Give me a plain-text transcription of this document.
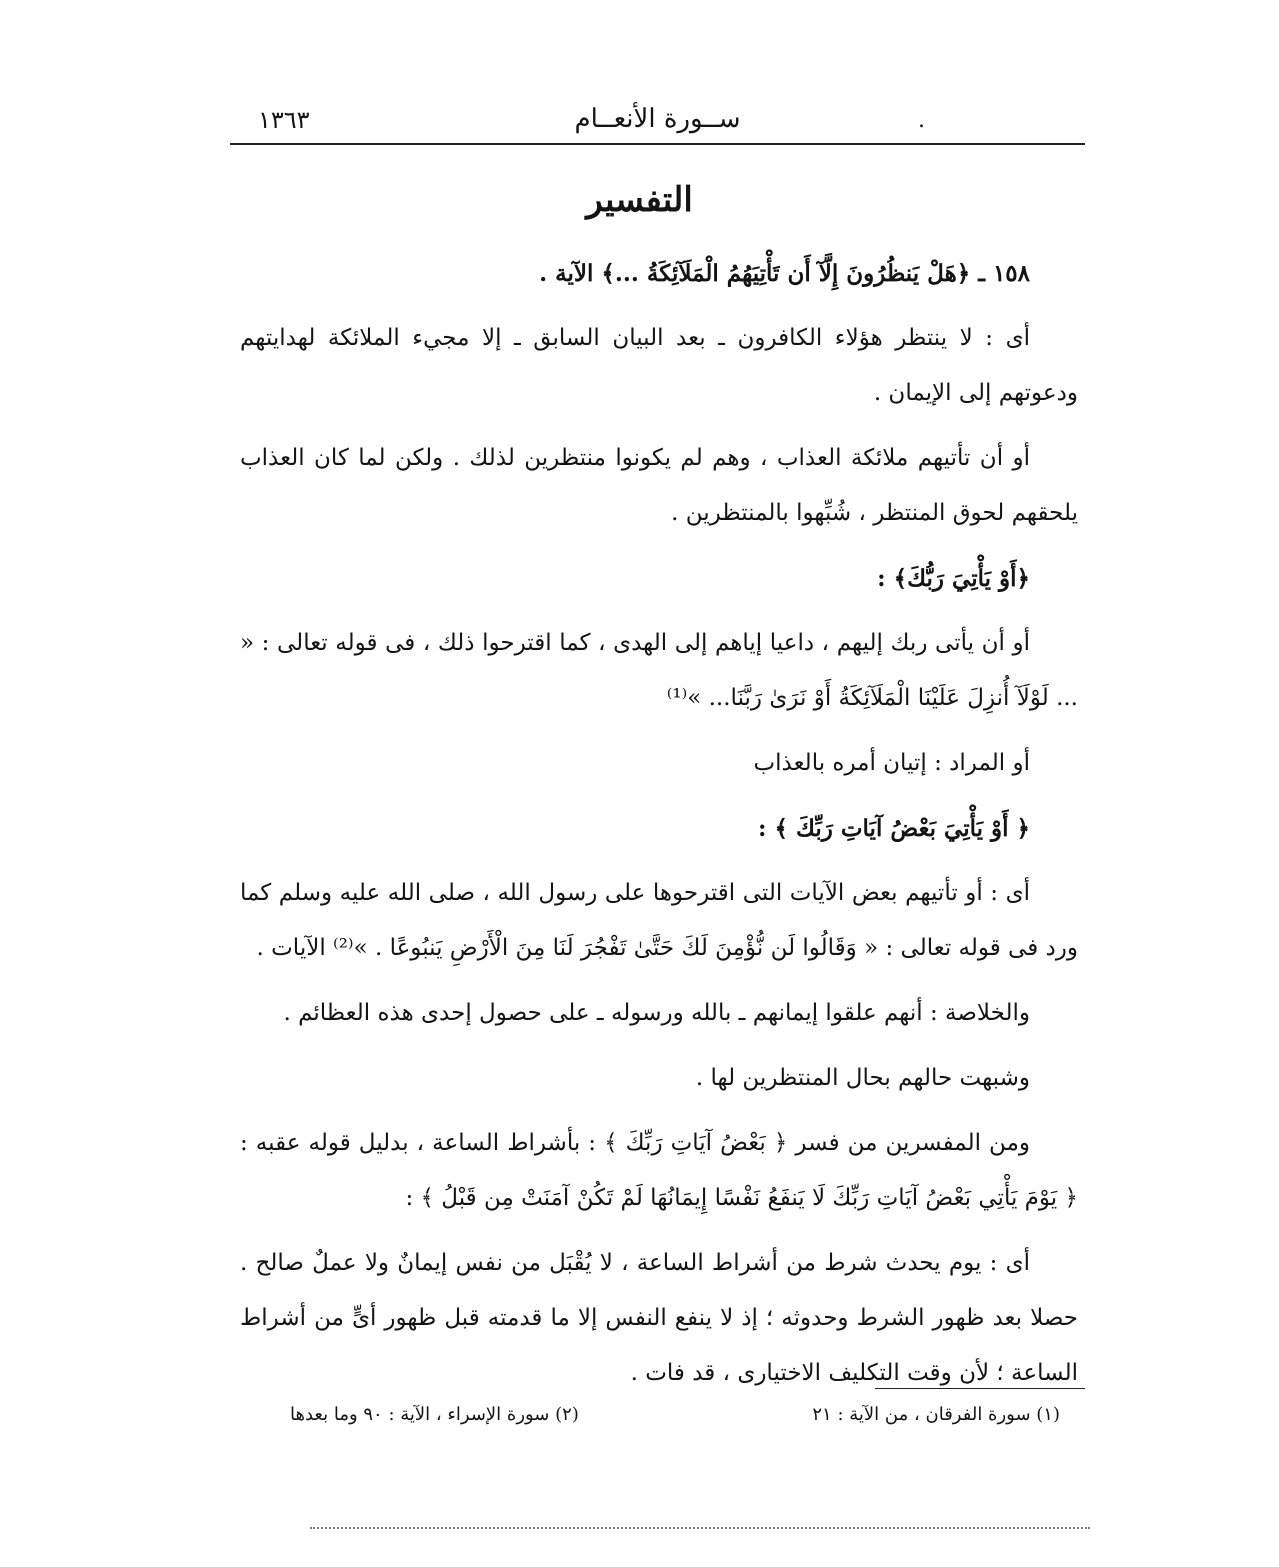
١٣٦٣	ســورة الأنعــام	.
التفسير

١٥٨ ـ ﴿هَلْ يَنظُرُونَ إِلَّآ أَن تَأْتِيَهُمُ الْمَلَآئِكَةُ ...﴾ الآية .

أى : لا ينتظر هؤلاء الكافرون ـ بعد البيان السابق ـ إلا مجيء الملائكة لهدايتهم ودعوتهم إلى الإيمان .

أو أن تأتيهم ملائكة العذاب ، وهم لم يكونوا منتظرين لذلك . ولكن لما كان العذاب يلحقهم لحوق المنتظر ، شُبِّهوا بالمنتظرين .

﴿أَوْ يَأْتِيَ رَبُّكَ﴾ :

أو أن يأتى ربك إليهم ، داعيا إياهم إلى الهدى ، كما اقترحوا ذلك ، فى قوله تعالى : « ... لَوْلَآ أُنزِلَ عَلَيْنَا الْمَلَآئِكَةُ أَوْ نَرَىٰ رَبَّنَا... »⁽¹⁾

أو المراد : إتيان أمره بالعذاب

﴿ أَوْ يَأْتِيَ بَعْضُ آيَاتِ رَبِّكَ ﴾ :

أى : أو تأتيهم بعض الآيات التى اقترحوها على رسول الله ، صلى الله عليه وسلم كما ورد فى قوله تعالى : « وَقَالُوا لَن نُّؤْمِنَ لَكَ حَتَّىٰ تَفْجُرَ لَنَا مِنَ الْأَرْضِ يَنبُوعًا . »⁽²⁾ الآيات .

والخلاصة : أنهم علقوا إيمانهم ـ بالله ورسوله ـ على حصول إحدى هذه العظائم .

وشبهت حالهم بحال المنتظرين لها .

ومن المفسرين من فسر ﴿ بَعْضُ آيَاتِ رَبِّكَ ﴾ : بأشراط الساعة ، بدليل قوله عقبه : ﴿ يَوْمَ يَأْتِي بَعْضُ آيَاتِ رَبِّكَ لَا يَنفَعُ نَفْسًا إِيمَانُهَا لَمْ تَكُنْ آمَنَتْ مِن قَبْلُ ﴾ :

أى : يوم يحدث شرط من أشراط الساعة ، لا يُقْبَل من نفس إيمانٌ ولا عملٌ صالح . حصلا بعد ظهور الشرط وحدوثه ؛ إذ لا ينفع النفس إلا ما قدمته قبل ظهور أىٍّ من أشراط الساعة ؛ لأن وقت التكليف الاختيارى ، قد فات .

(١) سورة الفرقان ، من الآية : ٢١
(٢) سورة الإسراء ، الآية : ٩٠ وما بعدها
